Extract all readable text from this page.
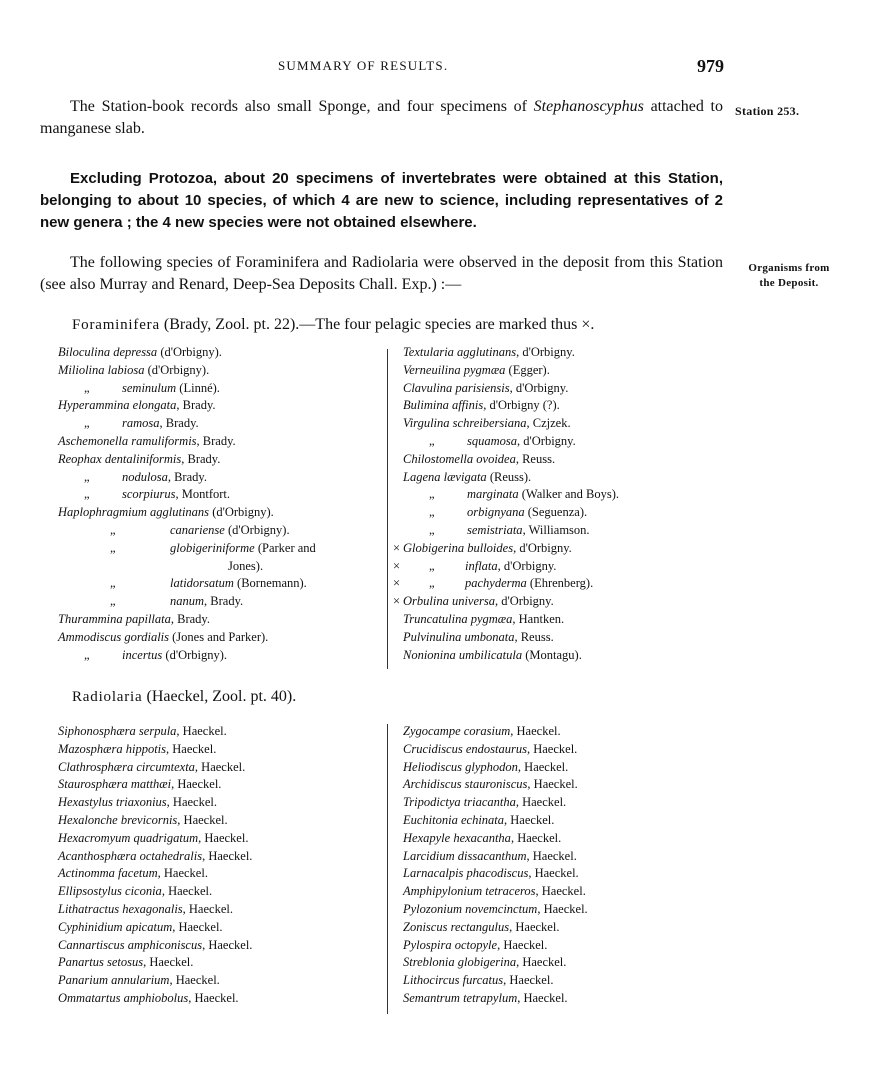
SUMMARY OF RESULTS.	979

The Station-book records also small Sponge, and four specimens of Stephanoscyphus attached to manganese slab.

Station 253.

Excluding Protozoa, about 20 specimens of invertebrates were obtained at this Station, belonging to about 10 species, of which 4 are new to science, including representatives of 2 new genera ; the 4 new species were not obtained elsewhere.

The following species of Foraminifera and Radiolaria were observed in the deposit from this Station (see also Murray and Renard, Deep-Sea Deposits Chall. Exp.) :—

Organisms from
the Deposit.
Foraminifera (Brady, Zool. pt. 22).—The four pelagic species are marked thus ×.
Biloculina depressa (d'Orbigny).
Miliolina labiosa (d'Orbigny).
„	seminulum (Linné).
Hyperammina elongata, Brady.
„	ramosa, Brady.
Aschemonella ramuliformis, Brady.
Reophax dentaliniformis, Brady.
„	nodulosa, Brady.
„	scorpiurus, Montfort.
Haplophragmium agglutinans (d'Orbigny).
„	canariense (d'Orbigny).
„	globigeriniforme (Parker and
Jones).
„	latidorsatum (Bornemann).
„	nanum, Brady.
Thurammina papillata, Brady.
Ammodiscus gordialis (Jones and Parker).
„	incertus (d'Orbigny).
Textularia agglutinans, d'Orbigny.
Verneuilina pygmæa (Egger).
Clavulina parisiensis, d'Orbigny.
Bulimina affinis, d'Orbigny (?).
Virgulina schreibersiana, Czjzek.
„	squamosa, d'Orbigny.
Chilostomella ovoidea, Reuss.
Lagena lævigata (Reuss).
„	marginata (Walker and Boys).
„	orbignyana (Seguenza).
„	semistriata, Williamson.
× Globigerina bulloides, d'Orbigny.
× „ inflata, d'Orbigny.
× „ pachyderma (Ehrenberg).
× Orbulina universa, d'Orbigny.
Truncatulina pygmæa, Hantken.
Pulvinulina umbonata, Reuss.
Nonionina umbilicatula (Montagu).
Radiolaria (Haeckel, Zool. pt. 40).
Siphonosphæra serpula, Haeckel.
Mazosphæra hippotis, Haeckel.
Clathrosphæra circumtexta, Haeckel.
Staurosphæra matthæi, Haeckel.
Hexastylus triaxonius, Haeckel.
Hexalonche brevicornis, Haeckel.
Hexacromyum quadrigatum, Haeckel.
Acanthosphæra octahedralis, Haeckel.
Actinomma facetum, Haeckel.
Ellipsostylus ciconia, Haeckel.
Lithatractus hexagonalis, Haeckel.
Cyphinidium apicatum, Haeckel.
Cannartiscus amphiconiscus, Haeckel.
Panartus setosus, Haeckel.
Panarium annularium, Haeckel.
Ommatartus amphiobolus, Haeckel.
Zygocampe corasium, Haeckel.
Crucidiscus endostaurus, Haeckel.
Heliodiscus glyphodon, Haeckel.
Archidiscus stauroniscus, Haeckel.
Tripodictya triacantha, Haeckel.
Euchitonia echinata, Haeckel.
Hexapyle hexacantha, Haeckel.
Larcidium dissacanthum, Haeckel.
Larnacalpis phacodiscus, Haeckel.
Amphipylonium tetraceros, Haeckel.
Pylozonium novemcinctum, Haeckel.
Zoniscus rectangulus, Haeckel.
Pylospira octopyle, Haeckel.
Streblonia globigerina, Haeckel.
Lithocircus furcatus, Haeckel.
Semantrum tetrapylum, Haeckel.
